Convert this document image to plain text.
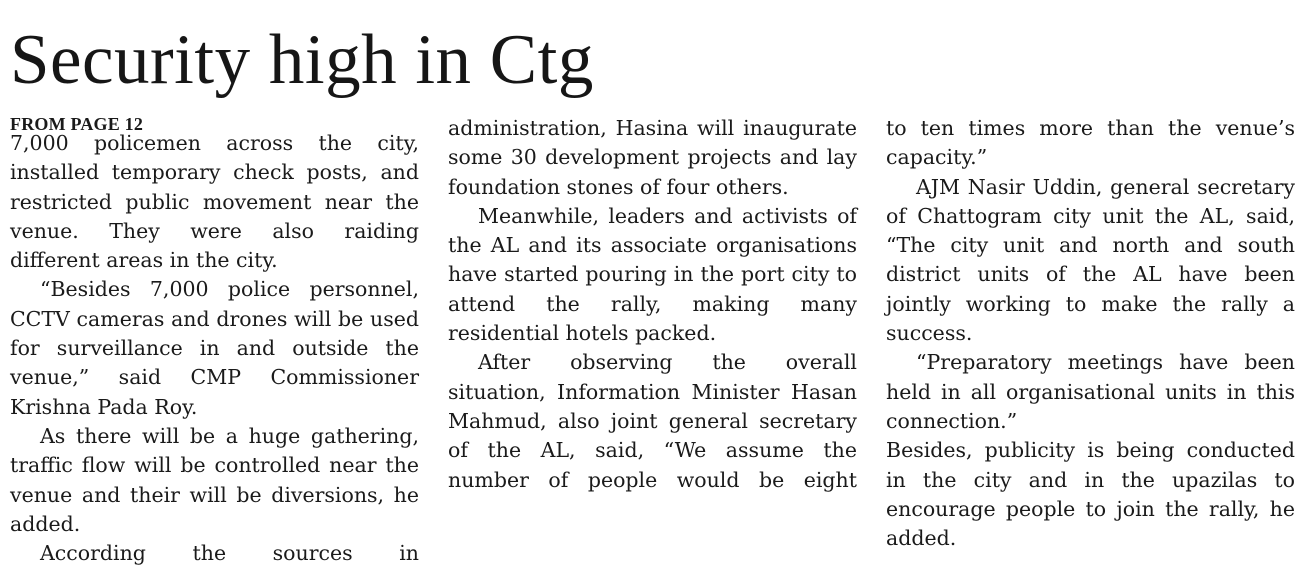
Security high in Ctg
FROM PAGE 12

7,000 policemen across the city, installed temporary check posts, and restricted public movement near the venue. They were also raiding different areas in the city.

“Besides 7,000 police personnel, CCTV cameras and drones will be used for surveillance in and outside the venue,” said CMP Commissioner Krishna Pada Roy.

As there will be a huge gathering, traffic flow will be controlled near the venue and their will be diversions, he added.

According the sources in

administration, Hasina will inaugurate some 30 development projects and lay foundation stones of four others.

Meanwhile, leaders and activists of the AL and its associate organisations have started pouring in the port city to attend the rally, making many residential hotels packed.

After observing the overall situation, Information Minister Hasan Mahmud, also joint general secretary of the AL, said, “We assume the number of people would be eight

to ten times more than the venue’s capacity.”

AJM Nasir Uddin, general secretary of Chattogram city unit the AL, said, “The city unit and north and south district units of the AL have been jointly working to make the rally a success.

“Preparatory meetings have been held in all organisational units in this connection.”

Besides, publicity is being conducted in the city and in the upazilas to encourage people to join the rally, he added.
